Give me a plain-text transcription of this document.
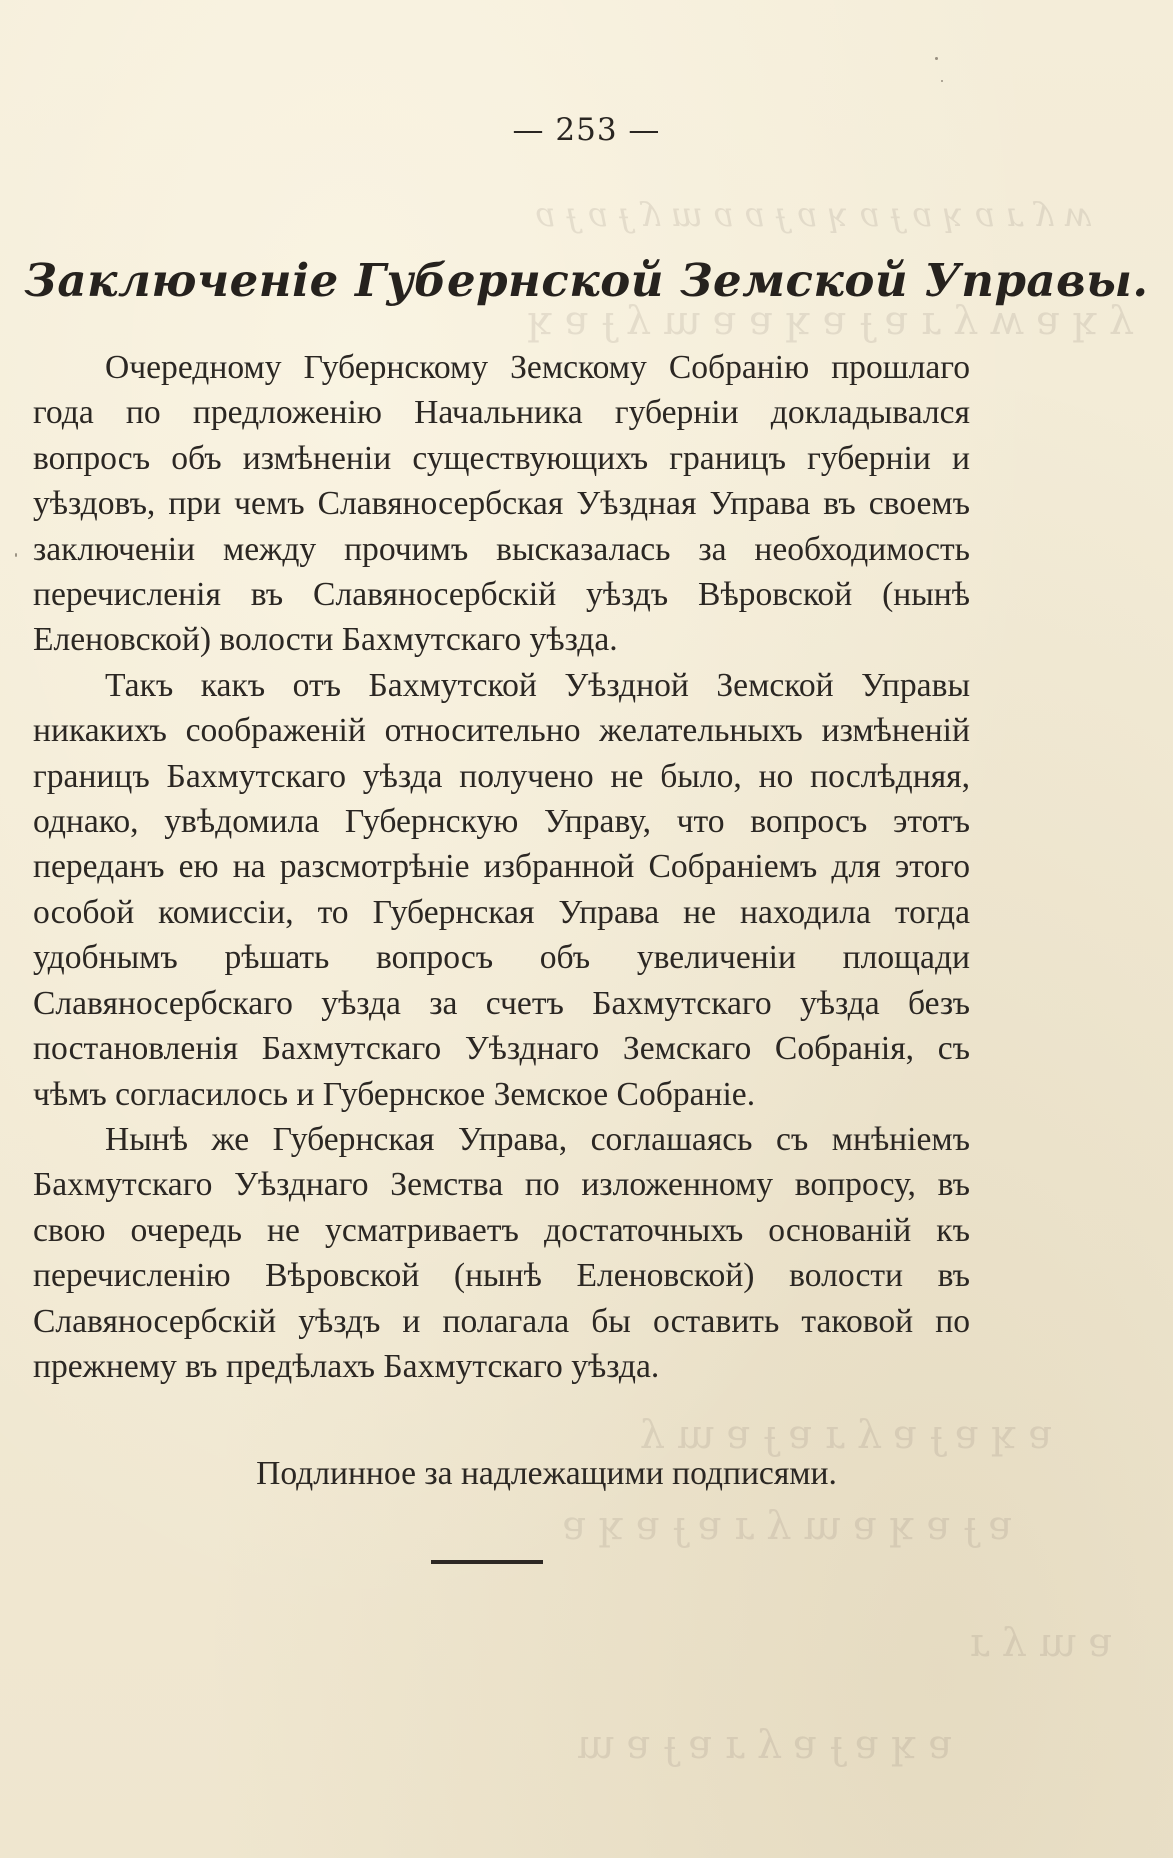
ʍ ʎ ɹ ɐ ʞ ɐ ɟ ɐ ʞ ɐ ɟ ɐ ɐ ɯ ʎ ɟ ɐ ɟ ɐ
ʎ ʞ ɐ ʍ ʎ ɹ ɐ ɟ ɐ ʞ ɐ ɐ ɯ ʎ ɟ ɐ ʞ
ɐ ʞ ɐ ɟ ɐ ʎ ɹ ɐ ɟ ɐ ɯ ʎ
ɐ ɟ ɐ ʞ ɐ ɯ ʎ ɹ ɐ ɟ ɐ ʞ ɐ
ɐ ɯ ʎ ɹ
ɐ ʞ ɐ ɟ ɐ ʎ ɹ ɐ ɟ ɐ ɯ
— 253 —
Заключеніе Губернской Земской Управы.

Очередному Губернскому Земскому Собранію прошлаго года по предложенію Начальника губерніи докладывался вопросъ объ измѣненіи существующихъ границъ губерніи и уѣздовъ, при чемъ Славяносербская Уѣздная Управа въ своемъ заключеніи между прочимъ высказалась за необходимость перечисленія въ Славяносербскій уѣздъ Вѣровской (нынѣ Еленовской) волости Бахмутскаго уѣзда.

Такъ какъ отъ Бахмутской Уѣздной Земской Управы никакихъ соображеній относительно желательныхъ измѣненій границъ Бахмутскаго уѣзда получено не было, но послѣдняя, однако, увѣдомила Губернскую Управу, что вопросъ этотъ переданъ ею на разсмотрѣніе избранной Собраніемъ для этого особой комиссіи, то Губернская Управа не находила тогда удобнымъ рѣшать вопросъ объ увеличеніи площади Славяносербскаго уѣзда за счетъ Бахмутскаго уѣзда безъ постановленія Бахмутскаго Уѣзднаго Земскаго Собранія, съ чѣмъ согласилось и Губернское Земское Собраніе.

Нынѣ же Губернская Управа, соглашаясь съ мнѣніемъ Бахмутскаго Уѣзднаго Земства по изложенному вопросу, въ свою очередь не усматриваетъ достаточныхъ основаній къ перечисленію Вѣровской (нынѣ Еленовской) волости въ Славяносербскій уѣздъ и полагала бы оставить таковой по прежнему въ предѣлахъ Бахмутскаго уѣзда.

Подлинное за надлежащими подписями.
